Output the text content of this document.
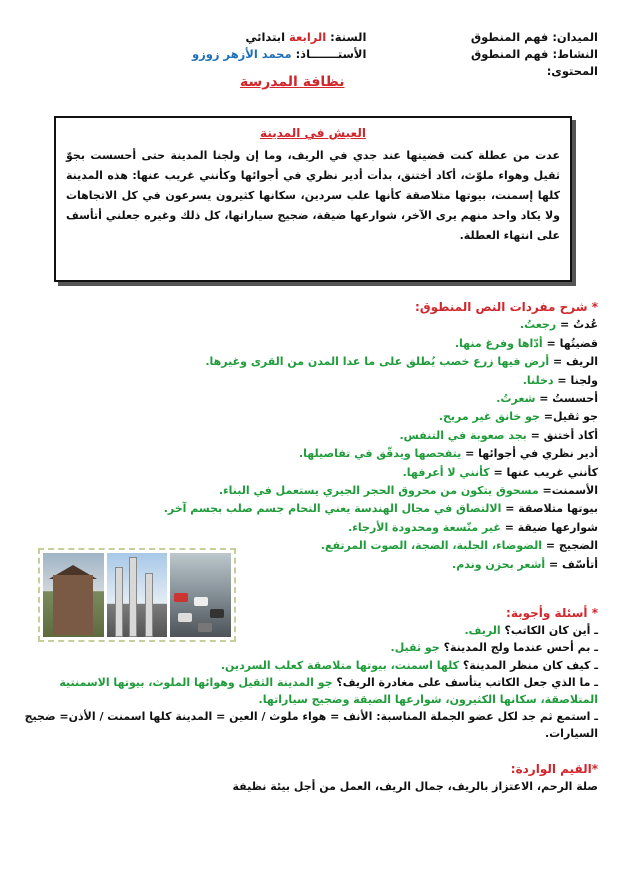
الميدان:
فهم المنطوق
النشاط:
فهم المنطوق
المحتوى:
السنة:
الرابعة
ابتدائي
الأستـــــــاذ:
محمد الأزهر زوزو
نظافة المدرسة
العيش في المدينة

عدت من عطلة كنت قضيتها عند جدي في الريف، وما إن ولجنا المدينة حتى أحسست بجوّ ثقيل وهواء ملوّث، أكاد أختنق، بدأت أدير نظري في أجوائها وكأنني غريب عنها: هذه المدينة كلها إسمنت، بيوتها متلاصقة كأنها علب سردين، سكانها كثيرون يسرعون في كل الاتجاهات ولا يكاد واحد منهم يرى الآخر، شوارعها ضيقة، ضجيج سياراتها، كل ذلك وغيره جعلني أتأسف على انتهاء العطلة.

* شرح مفردات النص المنطوق:
عُدتُ = رجعتُ.
قضيتُها = أدّاها وفرغ منها.
الريف = أرض فيها زرع خصب يُطلق على ما عدا المدن من القرى وغيرها.
ولجنا = دخلنا.
أحسستُ = شعرتُ.
جو ثقيل= جو خانق غير مريح.
أكاد أختنق = بجد صعوبة في التنفس.
أدير نظري في أجوائها = يتفحصها ويدقّق في تفاصيلها.
كأنني غريب عنها = كأنني لا أعرفها.
الأسمنت= مسحوق يتكون من محروق الحجر الجيري يستعمل في البناء.
بيوتها متلاصقة = الالتصاق في مجال الهندسة يعني التحام جسم صلب بجسم آخر.
شوارعها ضيقة = غير متّسعة ومحدودة الأرجاء.
الضجيج = الضوضاء، الجلبة، الضجة، الصوت المرتفع.
أتأسّف = أشعر بحزن وندم.
* أسئلة وأجوبة:
ـ أين كان الكاتب؟ الريف.
ـ بم أحس عندما ولج المدينة؟ جو ثقيل.
ـ كيف كان منظر المدينة؟ كلها اسمنت، بيوتها متلاصقة كعلب السردين.
ـ ما الذي جعل الكاتب يتأسف على مغادرة الريف؟ جو المدينة الثقيل وهوائها الملوث، بيوتها الاسمنتية المتلاصقة، سكانها الكثيرون، شوارعها الضيقة وضجيج سياراتها.
ـ استمع ثم جد لكل عضو الجملة المناسبة: الأنف = هواء ملوث / العين = المدينة كلها اسمنت / الأذن= ضجيج السيارات.
*القيم الواردة:
صلة الرحم، الاعتزاز بالريف، جمال الريف، العمل من أجل بيئة نظيفة
